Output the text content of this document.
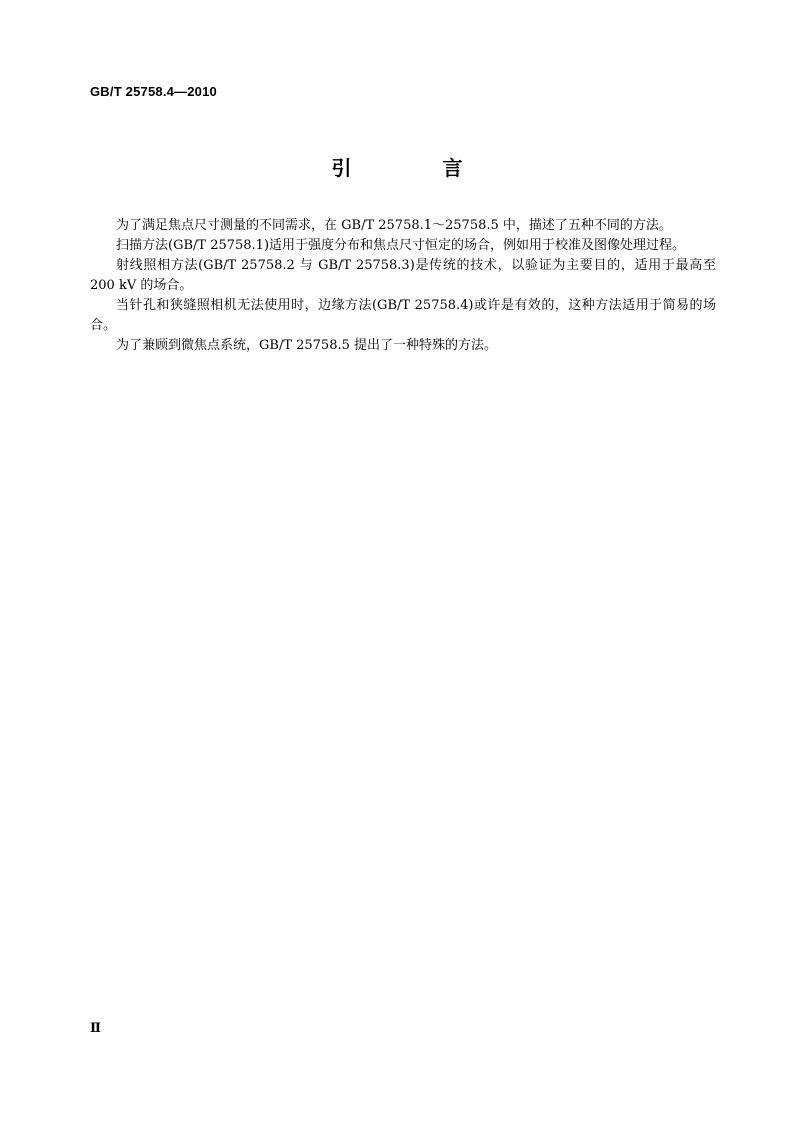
GB/T 25758.4—2010
引 言

为了满足焦点尺寸测量的不同需求，在 GB/T 25758.1～25758.5 中，描述了五种不同的方法。

扫描方法(GB/T 25758.1)适用于强度分布和焦点尺寸恒定的场合，例如用于校准及图像处理过程。

射线照相方法(GB/T 25758.2 与 GB/T 25758.3)是传统的技术，以验证为主要目的，适用于最高至 200 kV 的场合。

当针孔和狭缝照相机无法使用时，边缘方法(GB/T 25758.4)或许是有效的，这种方法适用于简易的场合。

为了兼顾到微焦点系统，GB/T 25758.5 提出了一种特殊的方法。

Ⅱ
